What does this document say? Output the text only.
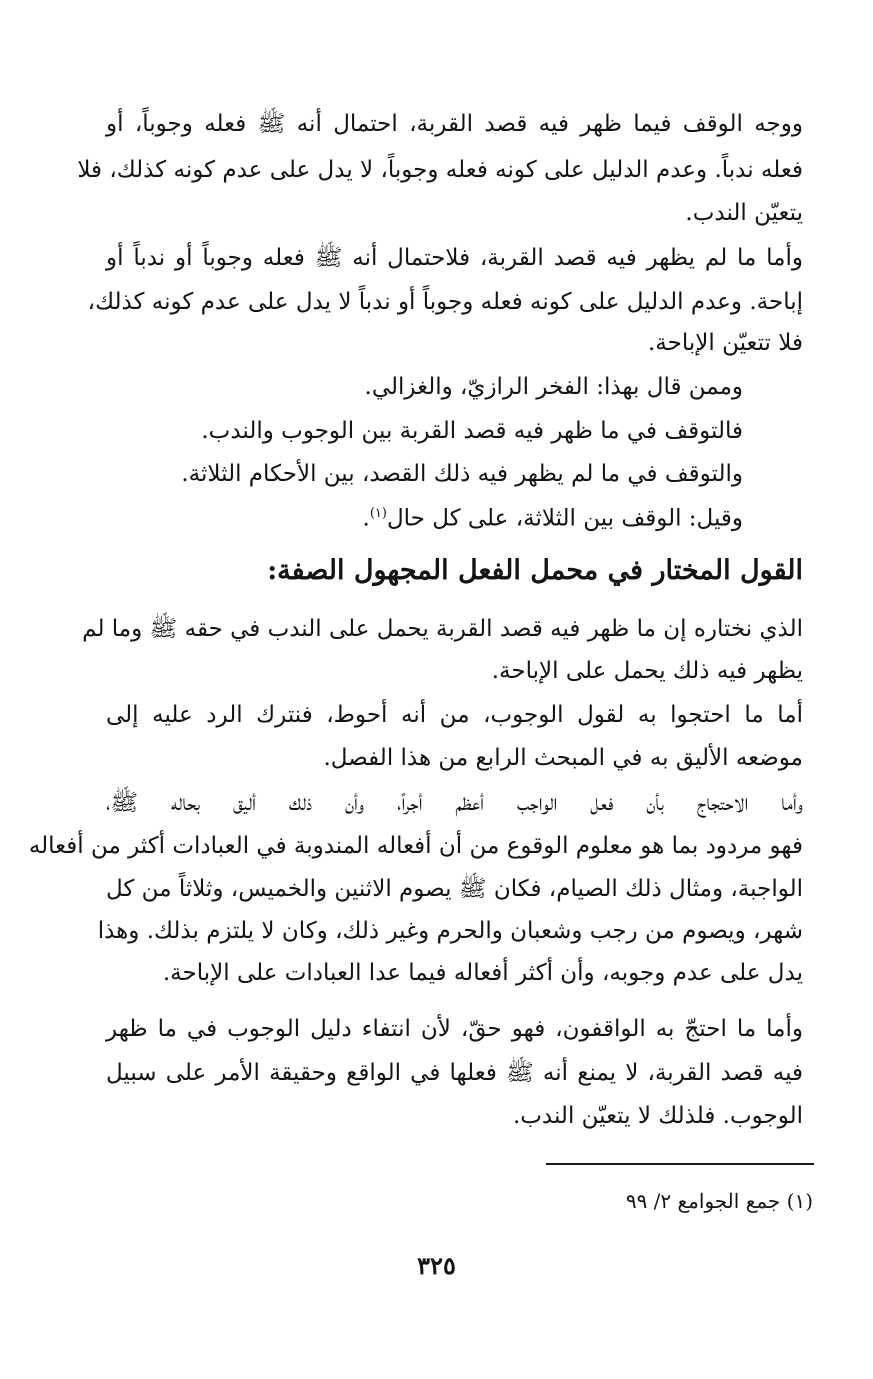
ووجه الوقف فيما ظهر فيه قصد القربة، احتمال أنه ﷺ فعله وجوباً، أو
فعله ندباً. وعدم الدليل على كونه فعله وجوباً، لا يدل على عدم كونه كذلك، فلا
يتعيّن الندب.
وأما ما لم يظهر فيه قصد القربة، فلاحتمال أنه ﷺ فعله وجوباً أو ندباً أو
إباحة. وعدم الدليل على كونه فعله وجوباً أو ندباً لا يدل على عدم كونه كذلك،
فلا تتعيّن الإباحة.
وممن قال بهذا: الفخر الرازيّ، والغزالي.
فالتوقف في ما ظهر فيه قصد القربة بين الوجوب والندب.
والتوقف في ما لم يظهر فيه ذلك القصد، بين الأحكام الثلاثة.
وقيل: الوقف بين الثلاثة، على كل حال$^{(١)}$.
القول المختار في محمل الفعل المجهول الصفة:
الذي نختاره إن ما ظهر فيه قصد القربة يحمل على الندب في حقه ﷺ وما لم
يظهر فيه ذلك يحمل على الإباحة.
أما ما احتجوا به لقول الوجوب، من أنه أحوط، فنترك الرد عليه إلى
موضعه الأليق به في المبحث الرابع من هذا الفصل.
وأما الاحتجاج بأن فعل الواجب أعظم أجراً، وأن ذلك أليق بحاله ﷺ،
فهو مردود بما هو معلوم الوقوع من أن أفعاله المندوبة في العبادات أكثر من أفعاله
الواجبة، ومثال ذلك الصيام، فكان ﷺ يصوم الاثنين والخميس، وثلاثاً من كل
شهر، ويصوم من رجب وشعبان والحرم وغير ذلك، وكان لا يلتزم بذلك. وهذا
يدل على عدم وجوبه، وأن أكثر أفعاله فيما عدا العبادات على الإباحة.
وأما ما احتجّ به الواقفون، فهو حقّ، لأن انتفاء دليل الوجوب في ما ظهر
فيه قصد القربة، لا يمنع أنه ﷺ فعلها في الواقع وحقيقة الأمر على سبيل
الوجوب. فلذلك لا يتعيّن الندب.
(١) جمع الجوامع ٢/ ٩٩
٣٢٥
